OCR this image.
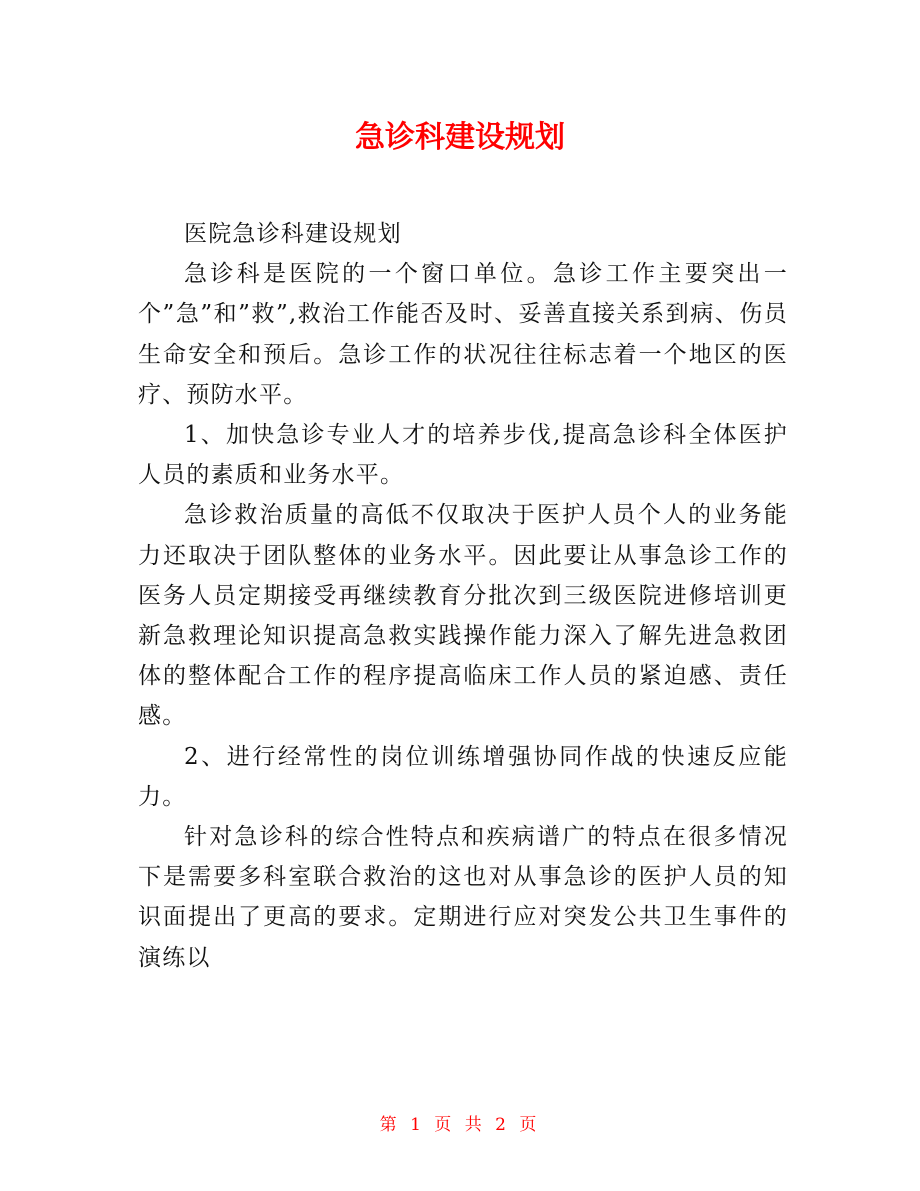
急诊科建设规划

医院急诊科建设规划

急诊科是医院的一个窗口单位。急诊工作主要突出一个”急”和”救”,救治工作能否及时、妥善直接关系到病、伤员生命安全和预后。急诊工作的状况往往标志着一个地区的医疗、预防水平。

1、加快急诊专业人才的培养步伐,提高急诊科全体医护人员的素质和业务水平。

急诊救治质量的高低不仅取决于医护人员个人的业务能力还取决于团队整体的业务水平。因此要让从事急诊工作的医务人员定期接受再继续教育分批次到三级医院进修培训更新急救理论知识提高急救实践操作能力深入了解先进急救团体的整体配合工作的程序提高临床工作人员的紧迫感、责任感。

2、进行经常性的岗位训练增强协同作战的快速反应能力。

针对急诊科的综合性特点和疾病谱广的特点在很多情况下是需要多科室联合救治的这也对从事急诊的医护人员的知识面提出了更高的要求。定期进行应对突发公共卫生事件的演练以

第 1 页 共 2 页
